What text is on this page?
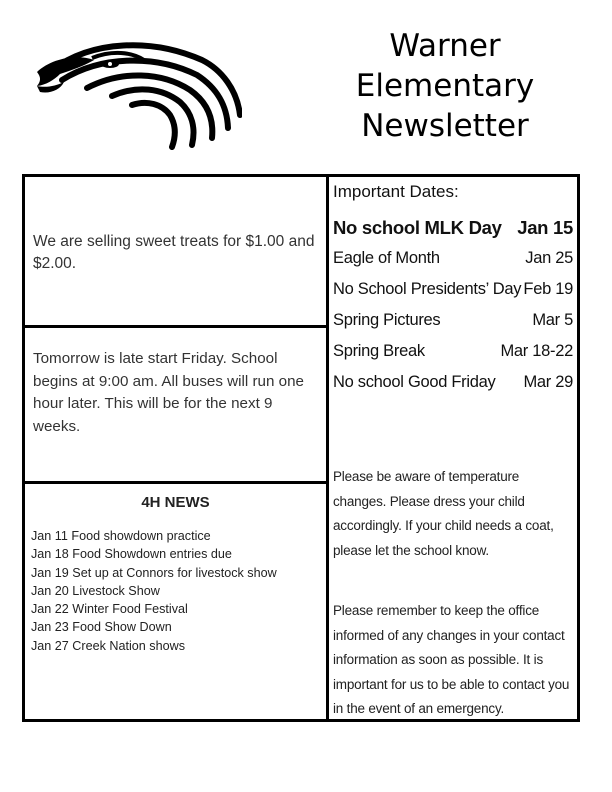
Warner
Elementary
Newsletter
We are selling sweet treats for $1.00 and $2.00.
Tomorrow is late start Friday. School begins at 9:00 am. All buses will run one hour later. This will be for the next 9 weeks.
4H NEWS
Jan 11 Food showdown practice
Jan 18 Food Showdown entries due
Jan 19 Set up at Connors for livestock show
Jan 20 Livestock Show
Jan 22 Winter Food Festival
Jan 23 Food Show Down
Jan 27 Creek Nation shows
Important Dates:
No school MLK Day Jan 15
Eagle of Month	Jan 25
No School Presidents’ Day Feb 19
Spring Pictures	Mar 5
Spring Break	Mar 18-22
No school Good Friday Mar 29
Please be aware of temperature changes. Please dress your child accordingly. If your child needs a coat, please let the school know.
Please remember to keep the office informed of any changes in your contact information as soon as possible. It is important for us to be able to contact you in the event of an emergency.
